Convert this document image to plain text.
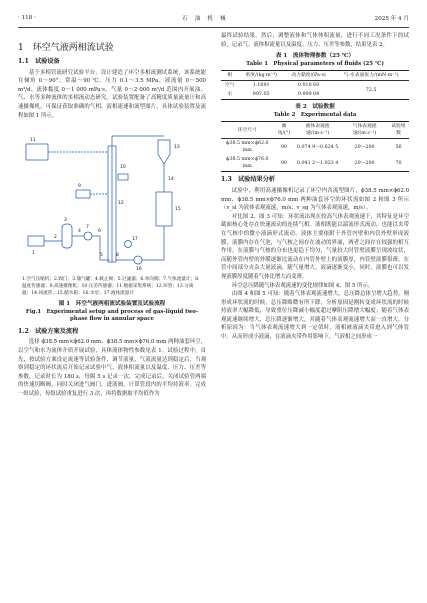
· 118 ·	石 油 机 械	2025 年 4 月
1　环空气液两相流试验
1.1　试验设备

基于多相管流研究试验平台，设计建造了环空多相流测试系统，该系统能在倾角 0～90°、常温～90 ℃、压力 0.1～3.5 MPa、液流量 0～500 m³/d、流体黏度 0～1 000 mPa·s、气量 0～2 000 m³/d 范围内开展油、气、水等多种流体的多相流动态研究。试验装置配备了高精度质量流量计和高速摄像机，可保证获取准确的气相、液相流速和流型图片。具体试验装置及流程如图 1 所示。

1
2
3
4
7
6
5
10
9
11
12
13
14
15
16
17
8
1.空气压缩机；2.阀门；3.储气罐；4.截止阀；5.过滤器；6.单向阀；7.气体流量计；8.温度传感器；9.高速摄像机；10.压差传感器；11.数据采集系统；12.环管；13.分离器；14.回流管；15.储水箱；16.水泵；17.液体流量计
图 1　环空气液两相流试验装置及试验流程
Fig.1　Experimental setup and process of gas-liquid two-phase flow in annular space
1.2　试验方案及流程

选择 ϕ38.5 mm×ϕ62.0 mm、ϕ38.5 mm×ϕ76.0 mm 两种油套环空，以空气和水为流体介质开展试验，具体流体物性参数见表 1。试验过程中，首先，按试验方案设定流速等试验条件，调节液量、气液流量达到稳定后，当观察到稳定的环状流后开始记录试验中气、液体积流量以及温度、压力、压差等参数，记录时长为 180 s，每隔 5 s 记录一次。完成记录后，关闭试验管两端的快速切断阀，同时关闭进气阀门、进液阀，计算管段内的平均持液率。完成一组试验，每组试验重复进行 3 次，再将数据取平均值作为

最终试验结果。然后，调整液体和气体体积流量，进行不同工况条件下的试验，记录气、液体积流量以及温度、压力、压差等参数，结果见表 2。

表 1　流体物理参数（25 ℃）
Table 1　Physical parameters of fluids (25 ℃)
相	密度/(kg·m⁻³)	动力黏度/(Pa·s)	气-水表面张力/(mN·m⁻¹)
空气	1.1691	0.018 60	72.5
水	997.05	0.899 08	
表 2　试验数据
Table 2　Experimental data
环空尺寸	倾角/(°)	液体表观流速/(m·s⁻¹)	气体表观流速/(m·s⁻¹)	试验组数
ϕ38.5 mm×ϕ62.0 mm	90	0.074 9～0.624 5	20～200	56
ϕ38.5 mm×ϕ76.0 mm	90	0.041 2～1.033 4	20～200	70
1.3　试验结果分析

试验中，利用高速摄像机记录了环空内各流型图片，ϕ38.5 mm×ϕ62.0 mm、ϕ38.5 mm×ϕ76.0 mm 两种油套环空的环状流如图 2 和图 3 所示（v_sl 为液体表观流速，m/s；v_sg 为气体表观流速，m/s）。

对比图 2、图 3 可知：环状流出现在较高气体表观流速下，其特征是环空截面核心处存在快速流动的连续气相。液相既能以湍流形式流动，也能以夹带在气核中的微小液滴形式流动。液体主要依附于外管内壁和内管外壁形成液膜，液膜内存在气泡，与气核之间存在波动的界面，两者之间存在较强的相互作用。在液膜与气核的分布也更趋于均匀，气量较大时管壁液膜呈现波纹状，而随外管内壁的外膜逐渐比流动在内管外壁上的液膜厚，内管壁液膜很薄。在管中间部分夹杂大量液滴，随气量增大，液滴逐渐变小，同时，液膜也可以发现液膜厚度随着气体比增大而变薄。

环空总压降随气体表观流速的变化规律如图 4、图 5 所示。

由图 4 和图 5 可知：随着气体表观流速增大，总压降总体呈增大趋势，刚形成环状流的时候，总压降略微有所下降，分析原因是刚转变成环状流的时候持液率大幅降低，导致重位压降减小幅度超过摩阻压降增大幅度；随着气体表观流速继续增大，总压降逐渐增大，并随着气体表观流速增大而一直增大，分析原因为：当气体表观流速增大到一定值时，液相被液滴夹带进入到气体管中，从而形成小液滴，在液滴夹带作用影响下，气液相之间形成一
